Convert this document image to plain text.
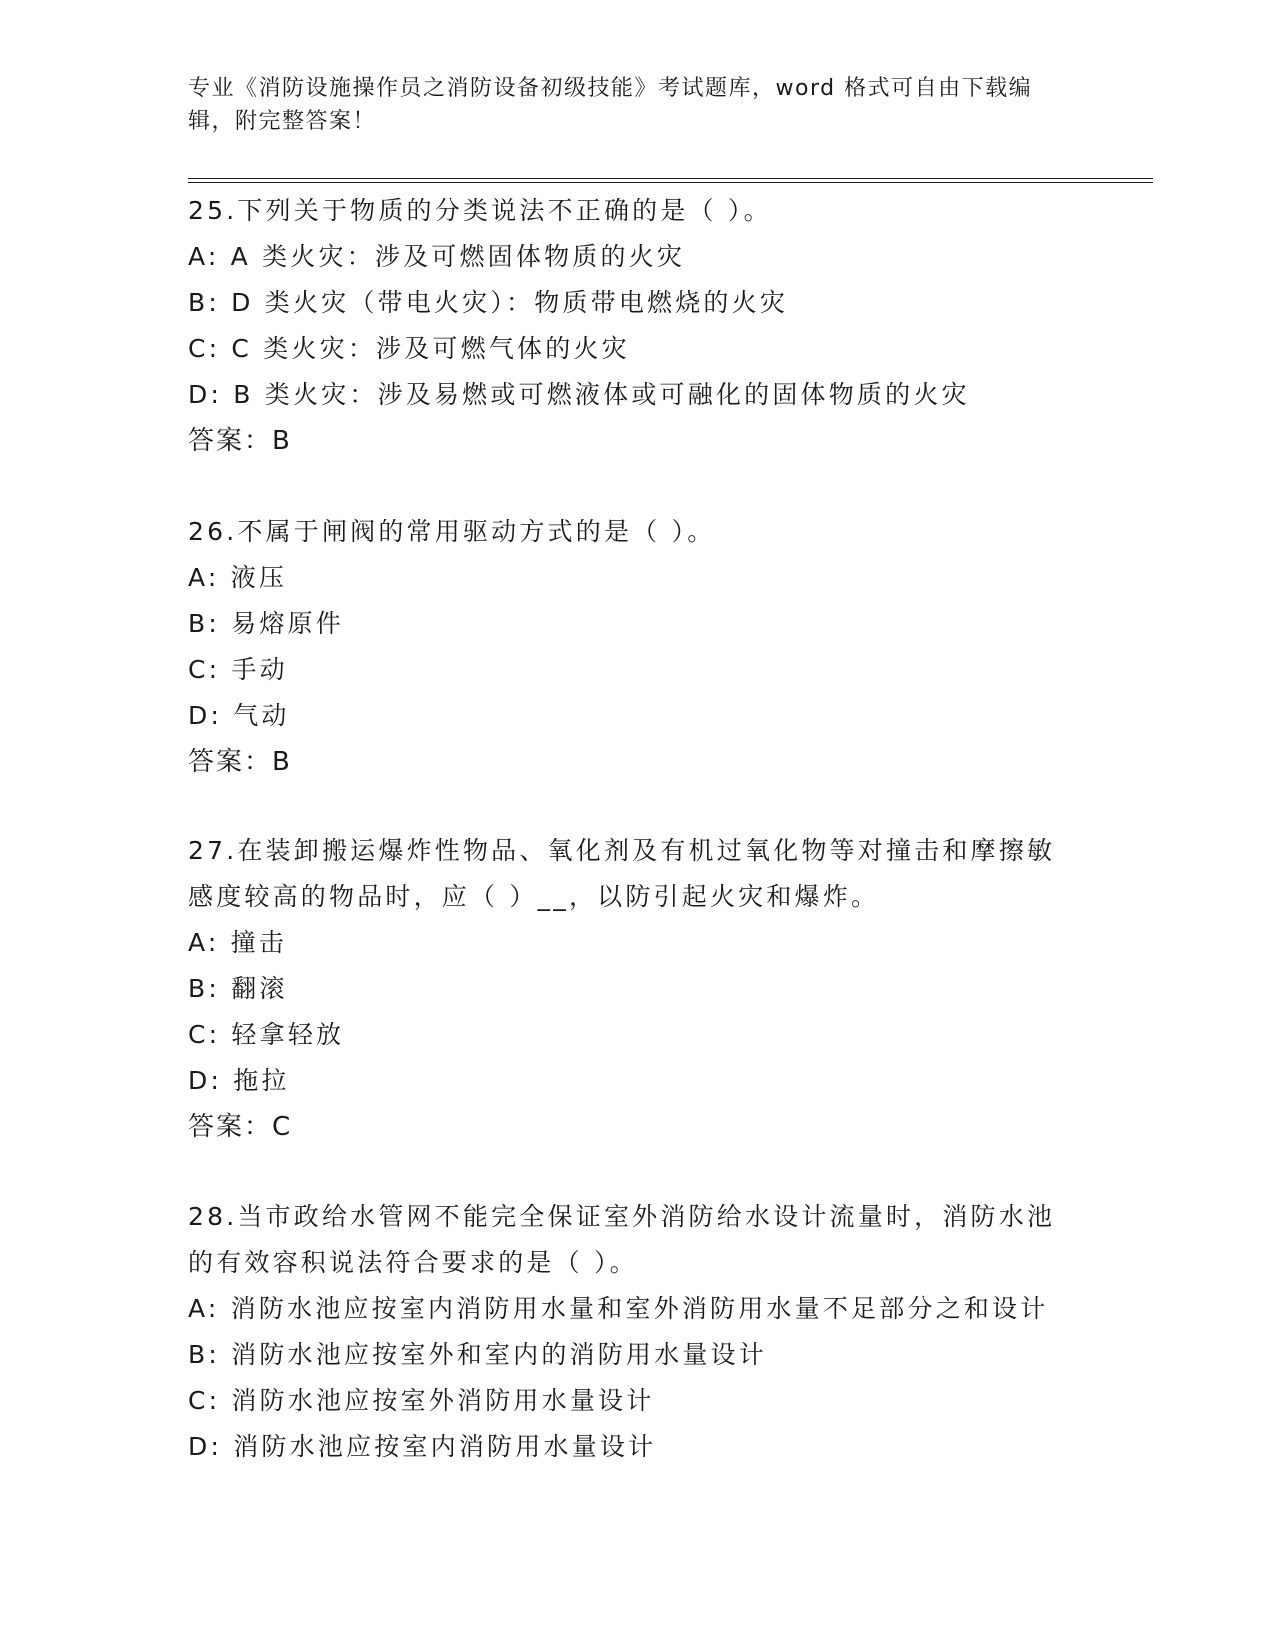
专业《消防设施操作员之消防设备初级技能》考试题库，word 格式可自由下载编
辑，附完整答案！
25.下列关于物质的分类说法不正确的是（ ）。
A: A 类火灾：涉及可燃固体物质的火灾
B: D 类火灾（带电火灾）：物质带电燃烧的火灾
C: C 类火灾：涉及可燃气体的火灾
D: B 类火灾：涉及易燃或可燃液体或可融化的固体物质的火灾
答案：B
26.不属于闸阀的常用驱动方式的是（ ）。
A: 液压
B: 易熔原件
C: 手动
D: 气动
答案：B
27.在装卸搬运爆炸性物品、氧化剂及有机过氧化物等对撞击和摩擦敏
感度较高的物品时，应（ ）__，以防引起火灾和爆炸。
A: 撞击
B: 翻滚
C: 轻拿轻放
D: 拖拉
答案：C
28.当市政给水管网不能完全保证室外消防给水设计流量时，消防水池
的有效容积说法符合要求的是（ ）。
A: 消防水池应按室内消防用水量和室外消防用水量不足部分之和设计
B: 消防水池应按室外和室内的消防用水量设计
C: 消防水池应按室外消防用水量设计
D: 消防水池应按室内消防用水量设计
